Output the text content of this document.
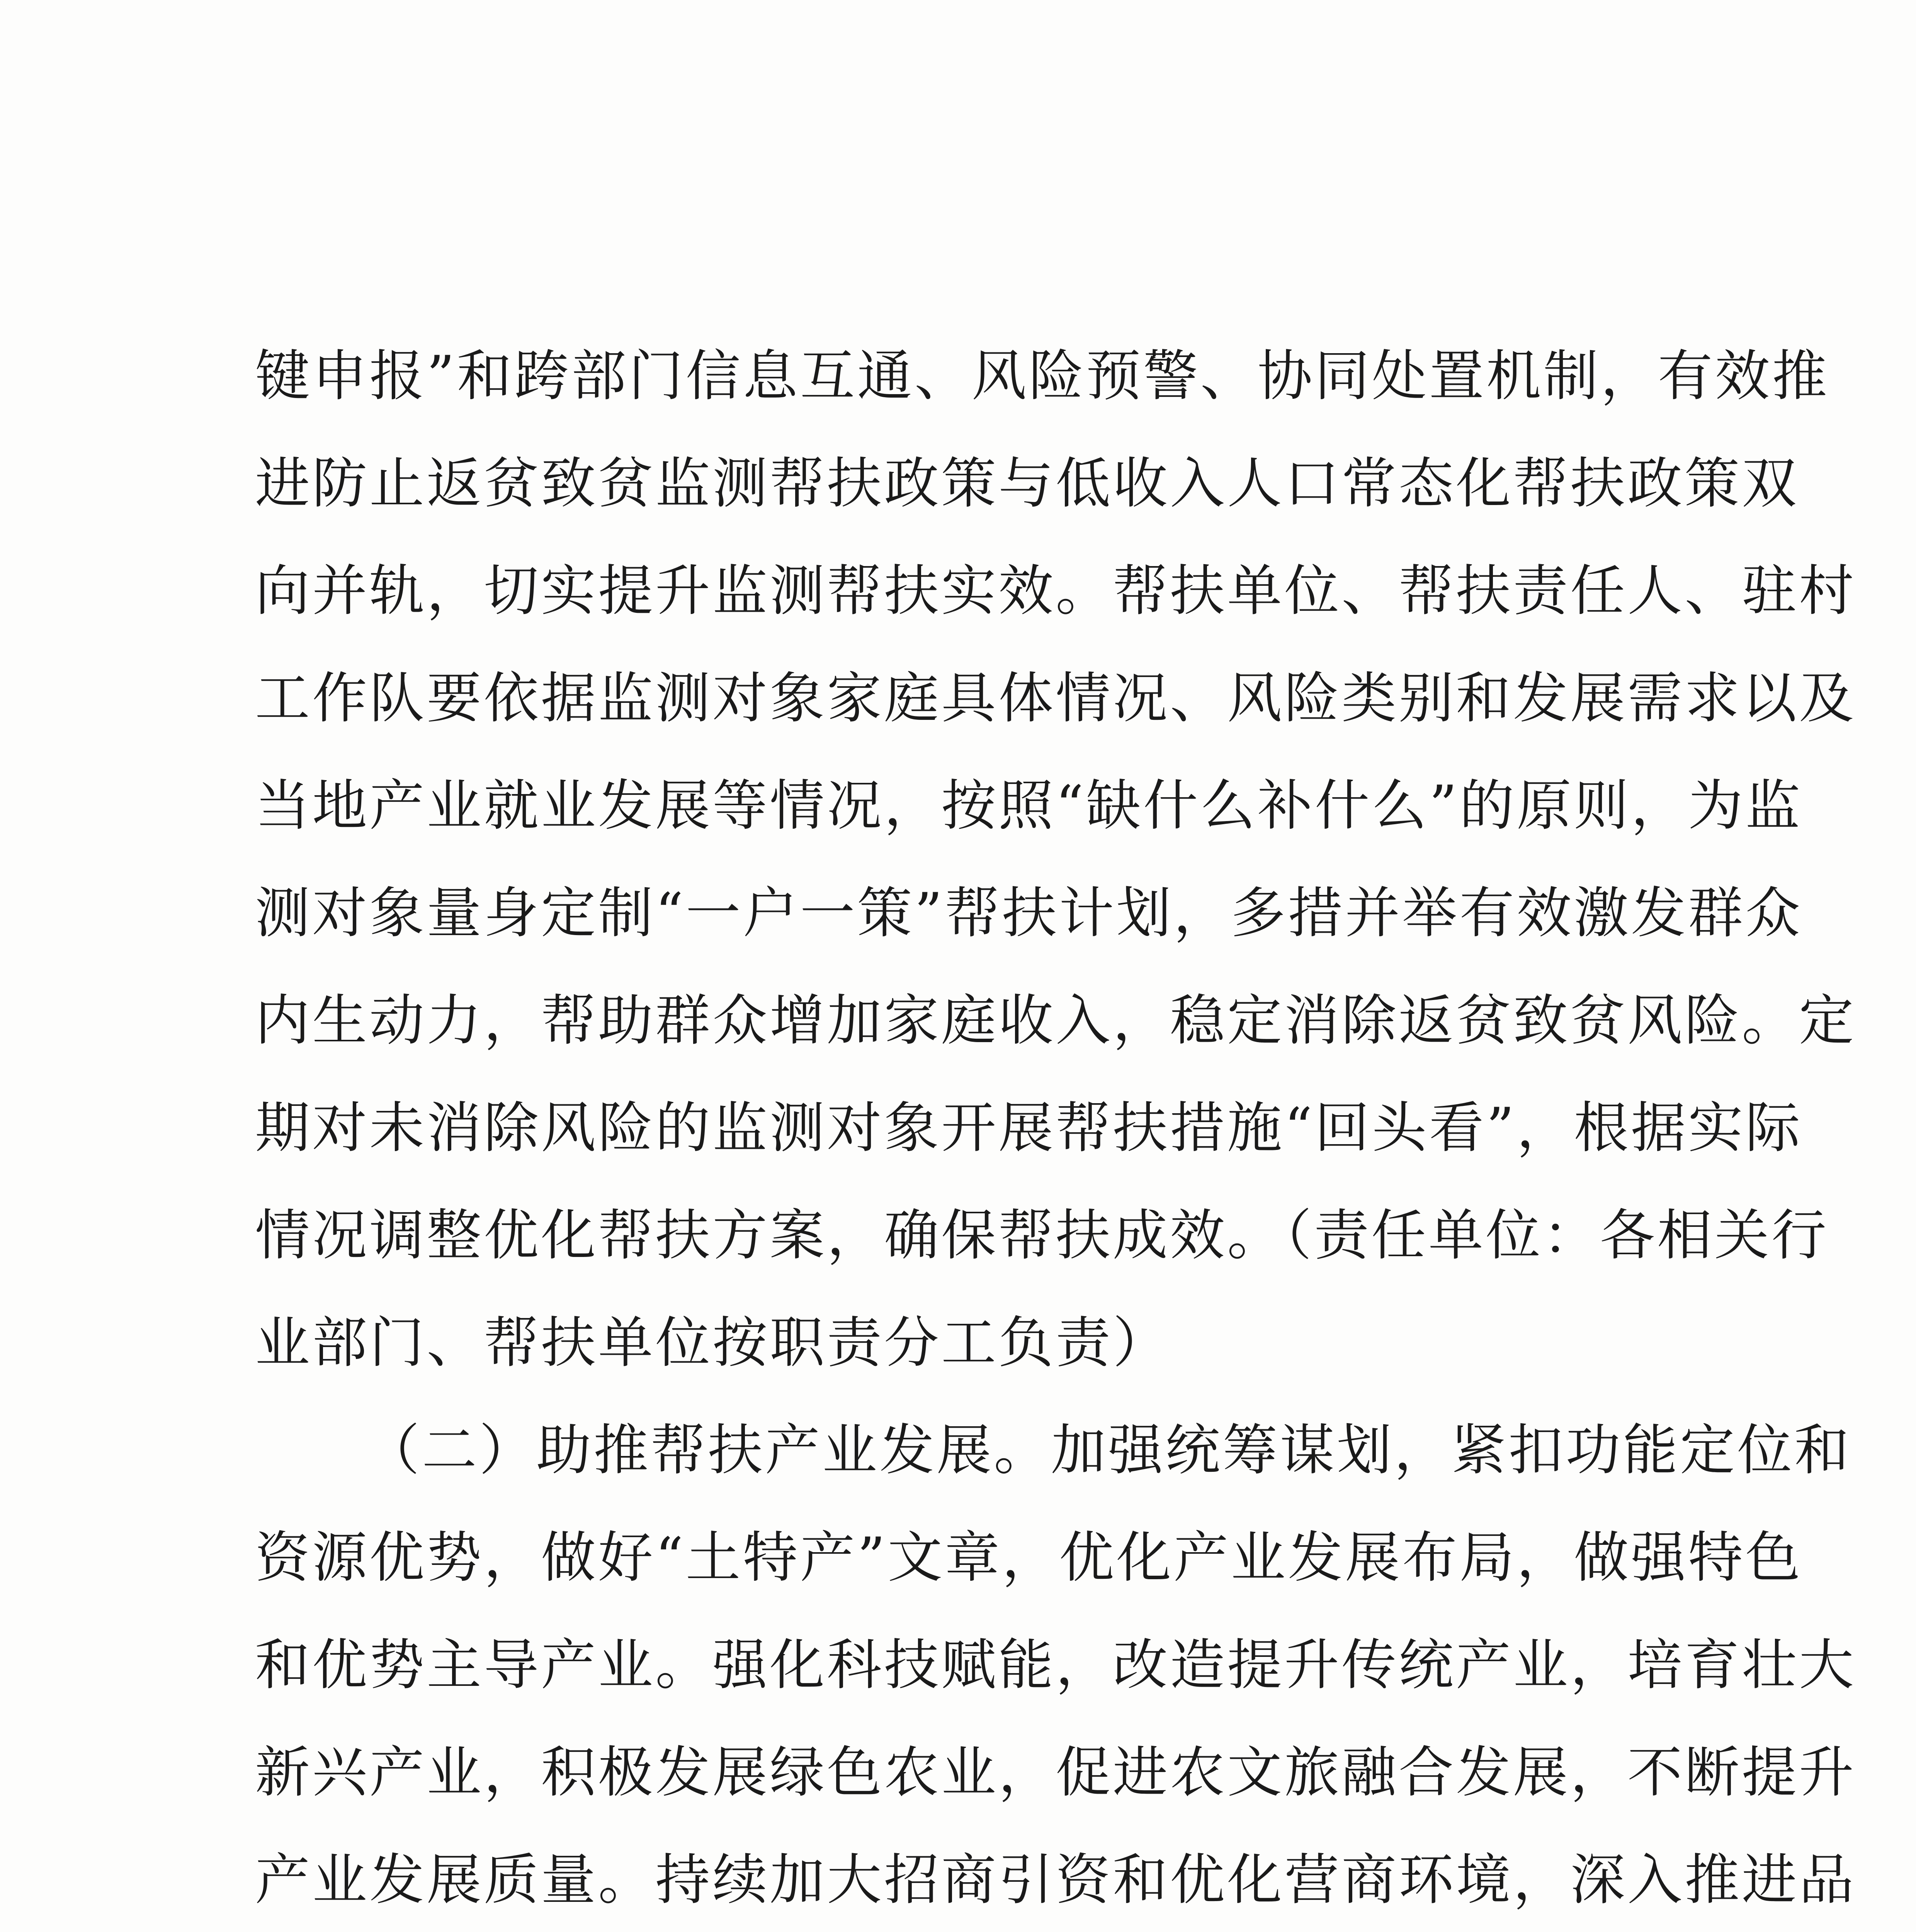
键申报”和跨部门信息互通、风险预警、协同处置机制，有效推
进防止返贫致贫监测帮扶政策与低收入人口常态化帮扶政策双
向并轨，切实提升监测帮扶实效。帮扶单位、帮扶责任人、驻村
工作队要依据监测对象家庭具体情况、风险类别和发展需求以及
当地产业就业发展等情况，按照“缺什么补什么”的原则，为监
测对象量身定制“一户一策”帮扶计划，多措并举有效激发群众
内生动力，帮助群众增加家庭收入，稳定消除返贫致贫风险。定
期对未消除风险的监测对象开展帮扶措施“回头看”，根据实际
情况调整优化帮扶方案，确保帮扶成效。（责任单位：各相关行
业部门、帮扶单位按职责分工负责）
（二）助推帮扶产业发展。加强统筹谋划，紧扣功能定位和
资源优势，做好“土特产”文章，优化产业发展布局，做强特色
和优势主导产业。强化科技赋能，改造提升传统产业，培育壮大
新兴产业，积极发展绿色农业，促进农文旅融合发展，不断提升
产业发展质量。持续加大招商引资和优化营商环境，深入推进品
